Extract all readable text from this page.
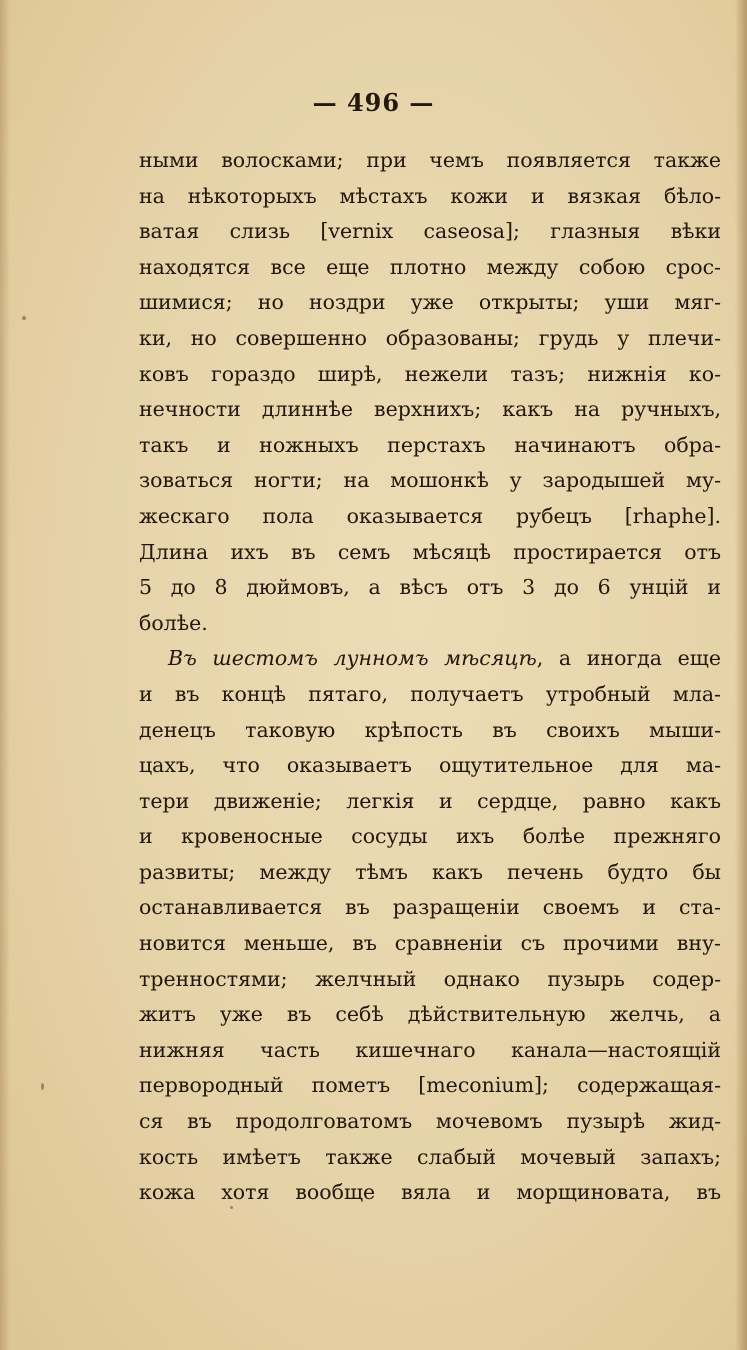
— 496 —
ными волосками; при чемъ появляется также
на нѣкоторыхъ мѣстахъ кожи и вязкая бѣло-
ватая слизь [vernix caseosa]; глазныя вѣки
находятся все еще плотно между собою срос-
шимися; но ноздри уже открыты; уши мяг-
ки, но совершенно образованы; грудь у плечи-
ковъ гораздо ширѣ, нежели тазъ; нижнія ко-
нечности длиннѣе верхнихъ; какъ на ручныхъ,
такъ и ножныхъ перстахъ начинаютъ обра-
зоваться ногти; на мошонкѣ у зародышей му-
жескаго пола оказывается рубецъ [rhaphe].
Длина ихъ въ семъ мѣсяцѣ простирается отъ
5 до 8 дюймовъ, а вѣсъ отъ 3 до 6 унцій и
болѣе.
Въ шестомъ лунномъ мѣсяцѣ, а иногда еще
и въ концѣ пятаго, получаетъ утробный мла-
денецъ таковую крѣпость въ своихъ мыши-
цахъ, что оказываетъ ощутительное для ма-
тери движеніе; легкія и сердце, равно какъ
и кровеносные сосуды ихъ болѣе прежняго
развиты; между тѣмъ какъ печень будто бы
останавливается въ разращеніи своемъ и ста-
новится меньше, въ сравненіи съ прочими вну-
тренностями; желчный однако пузырь содер-
житъ уже въ себѣ дѣйствительную желчь, а
нижняя часть кишечнаго канала—настоящій
первородный пометъ [meconium]; содержащая-
ся въ продолговатомъ мочевомъ пузырѣ жид-
кость имѣетъ также слабый мочевый запахъ;
кожа хотя вообще вяла и морщиновата, въ
